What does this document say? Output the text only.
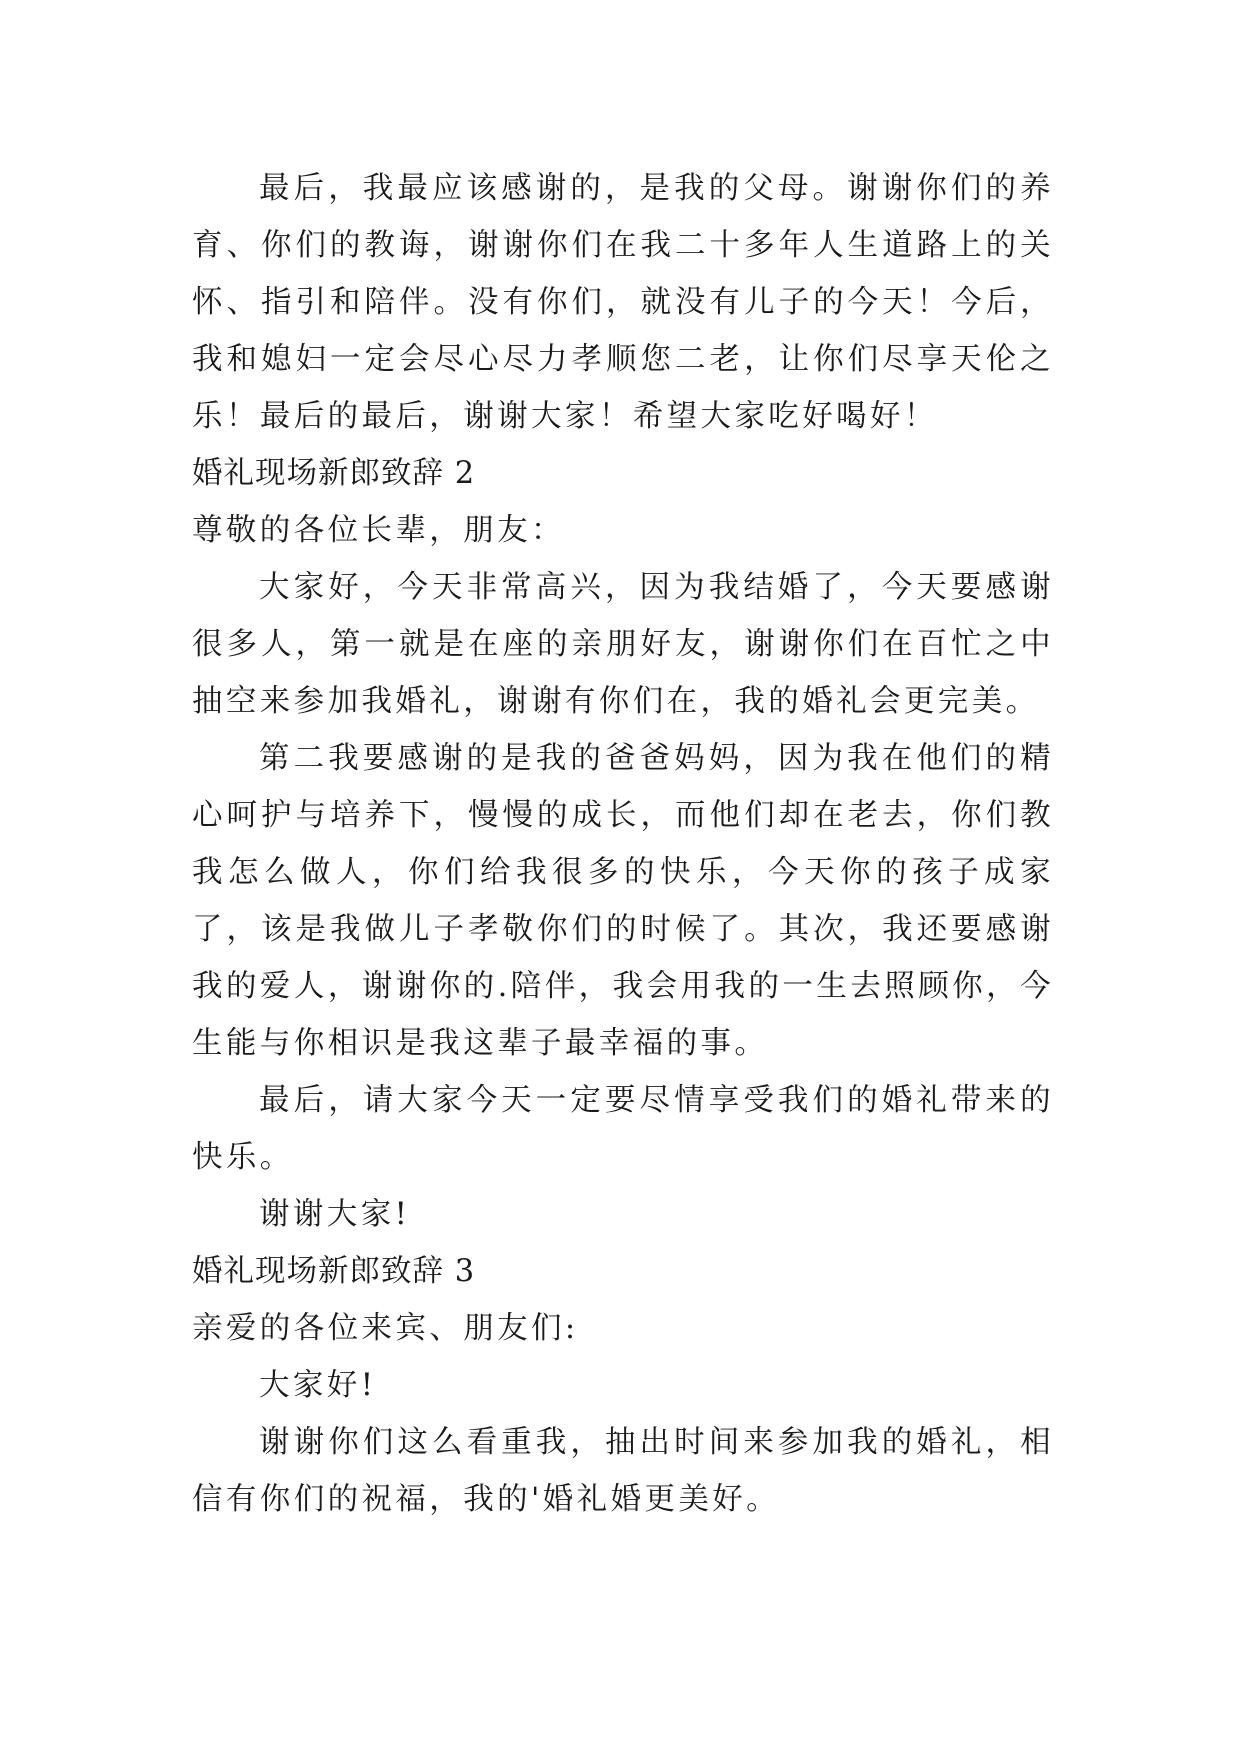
最后，我最应该感谢的，是我的父母。谢谢你们的养育、你们的教诲，谢谢你们在我二十多年人生道路上的关怀、指引和陪伴。没有你们，就没有儿子的今天！今后，我和媳妇一定会尽心尽力孝顺您二老，让你们尽享天伦之乐！最后的最后，谢谢大家！希望大家吃好喝好！

婚礼现场新郎致辞 2

尊敬的各位长辈，朋友：

大家好，今天非常高兴，因为我结婚了，今天要感谢很多人，第一就是在座的亲朋好友，谢谢你们在百忙之中抽空来参加我婚礼，谢谢有你们在，我的婚礼会更完美。

第二我要感谢的是我的爸爸妈妈，因为我在他们的精心呵护与培养下，慢慢的成长，而他们却在老去，你们教我怎么做人，你们给我很多的快乐，今天你的孩子成家了，该是我做儿子孝敬你们的时候了。其次，我还要感谢我的爱人，谢谢你的.陪伴，我会用我的一生去照顾你，今生能与你相识是我这辈子最幸福的事。

最后，请大家今天一定要尽情享受我们的婚礼带来的快乐。

谢谢大家!

婚礼现场新郎致辞 3

亲爱的各位来宾、朋友们:

大家好!

谢谢你们这么看重我，抽出时间来参加我的婚礼，相信有你们的祝福，我的'婚礼婚更美好。
